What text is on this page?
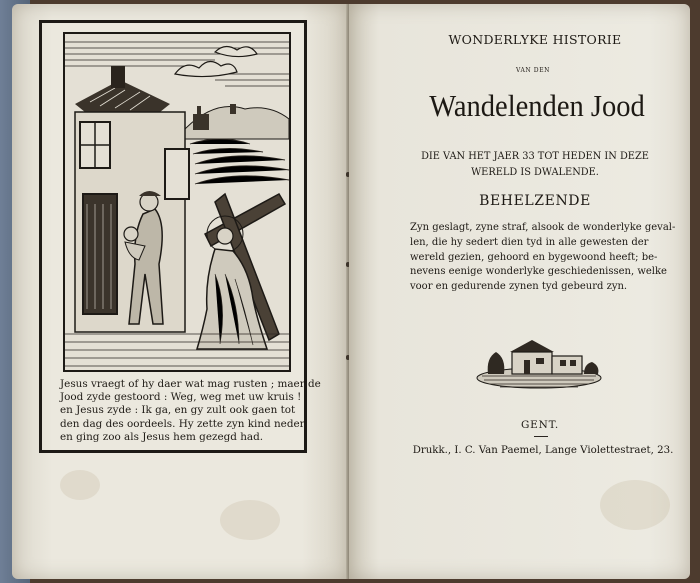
Jesus vraegt of hy daer wat mag rusten ; maer de
Jood zyde gestoord : Weg, weg met uw kruis !
en Jesus zyde : Ik ga, en gy zult ook gaen tot
den dag des oordeels. Hy zette zyn kind neder
en ging zoo als Jesus hem gezegd had.
WONDERLYKE HISTORIE
VAN DEN
Wandelenden Jood
DIE VAN HET JAER 33 TOT HEDEN IN DEZE
WERELD IS DWALENDE.
BEHELZENDE
Zyn geslagt, zyne straf, alsook de wonderlyke geval-
len, die hy sedert dien tyd in alle gewesten der
wereld gezien, gehoord en bygewoond heeft; be-
nevens eenige wonderlyke geschiedenissen, welke
voor en gedurende zynen tyd gebeurd zyn.
GENT.
Drukk., I. C. Van Paemel, Lange Violettestraet, 23.
